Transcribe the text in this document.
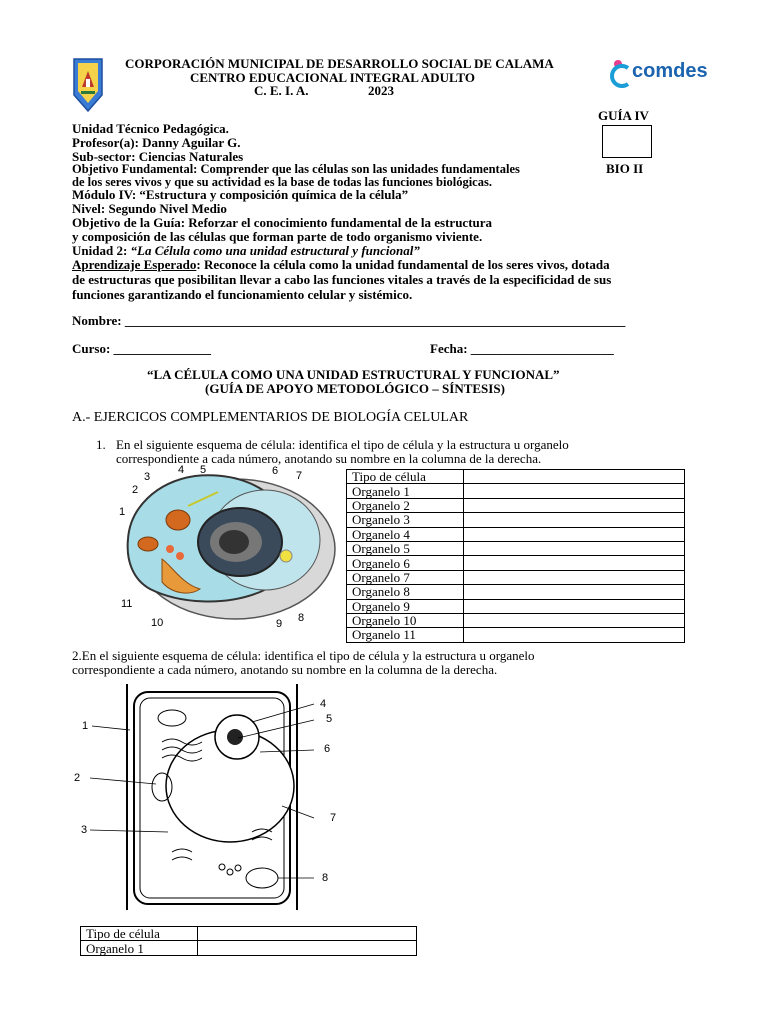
CORPORACIÓN MUNICIPAL DE DESARROLLO SOCIAL DE CALAMA
CENTRO EDUCACIONAL INTEGRAL ADULTO
C. E. I. A.	2023
comdes
GUÍA IV
BIO II
Unidad Técnico Pedagógica.
Profesor(a): Danny Aguilar G.
Sub-sector: Ciencias Naturales
Objetivo Fundamental: Comprender que las células son las unidades fundamentales
de los seres vivos y que su actividad es la base de todas las funciones biológicas.
Módulo IV: “Estructura y composición química de la célula”
Nivel: Segundo Nivel Medio
Objetivo de la Guía: Reforzar el conocimiento fundamental de la estructura
y composición de las células que forman parte de todo organismo viviente.
Unidad 2: “La Célula como una unidad estructural y funcional”
Aprendizaje Esperado: Reconoce la célula como la unidad fundamental de los seres vivos, dotada
de estructuras que posibilitan llevar a cabo las funciones vitales a través de la especificidad de sus
funciones garantizando el funcionamiento celular y sistémico.
Nombre: _____________________________________________________________________________
Curso: _______________	Fecha: ______________________
“LA CÉLULA COMO UNA UNIDAD ESTRUCTURAL Y FUNCIONAL”
(GUÍA DE APOYO METODOLÓGICO – SÍNTESIS)
A.- EJERCICOS COMPLEMENTARIOS DE BIOLOGÍA CELULAR
1. En el siguiente esquema de célula: identifica el tipo de célula y la estructura u organelo
correspondiente a cada número, anotando su nombre en la columna de la derecha.
3
4 5
2
1
6 7
8
9
10
11
Tipo de célula	
Organelo 1	
Organelo 2	
Organelo 3	
Organelo 4	
Organelo 5	
Organelo 6	
Organelo 7	
Organelo 8	
Organelo 9	
Organelo 10	
Organelo 11	
2.En el siguiente esquema de célula: identifica el tipo de célula y la estructura u organelo
correspondiente a cada número, anotando su nombre en la columna de la derecha.
1
2
3
4
5
6
7
8
Tipo de célula	
Organelo 1	
